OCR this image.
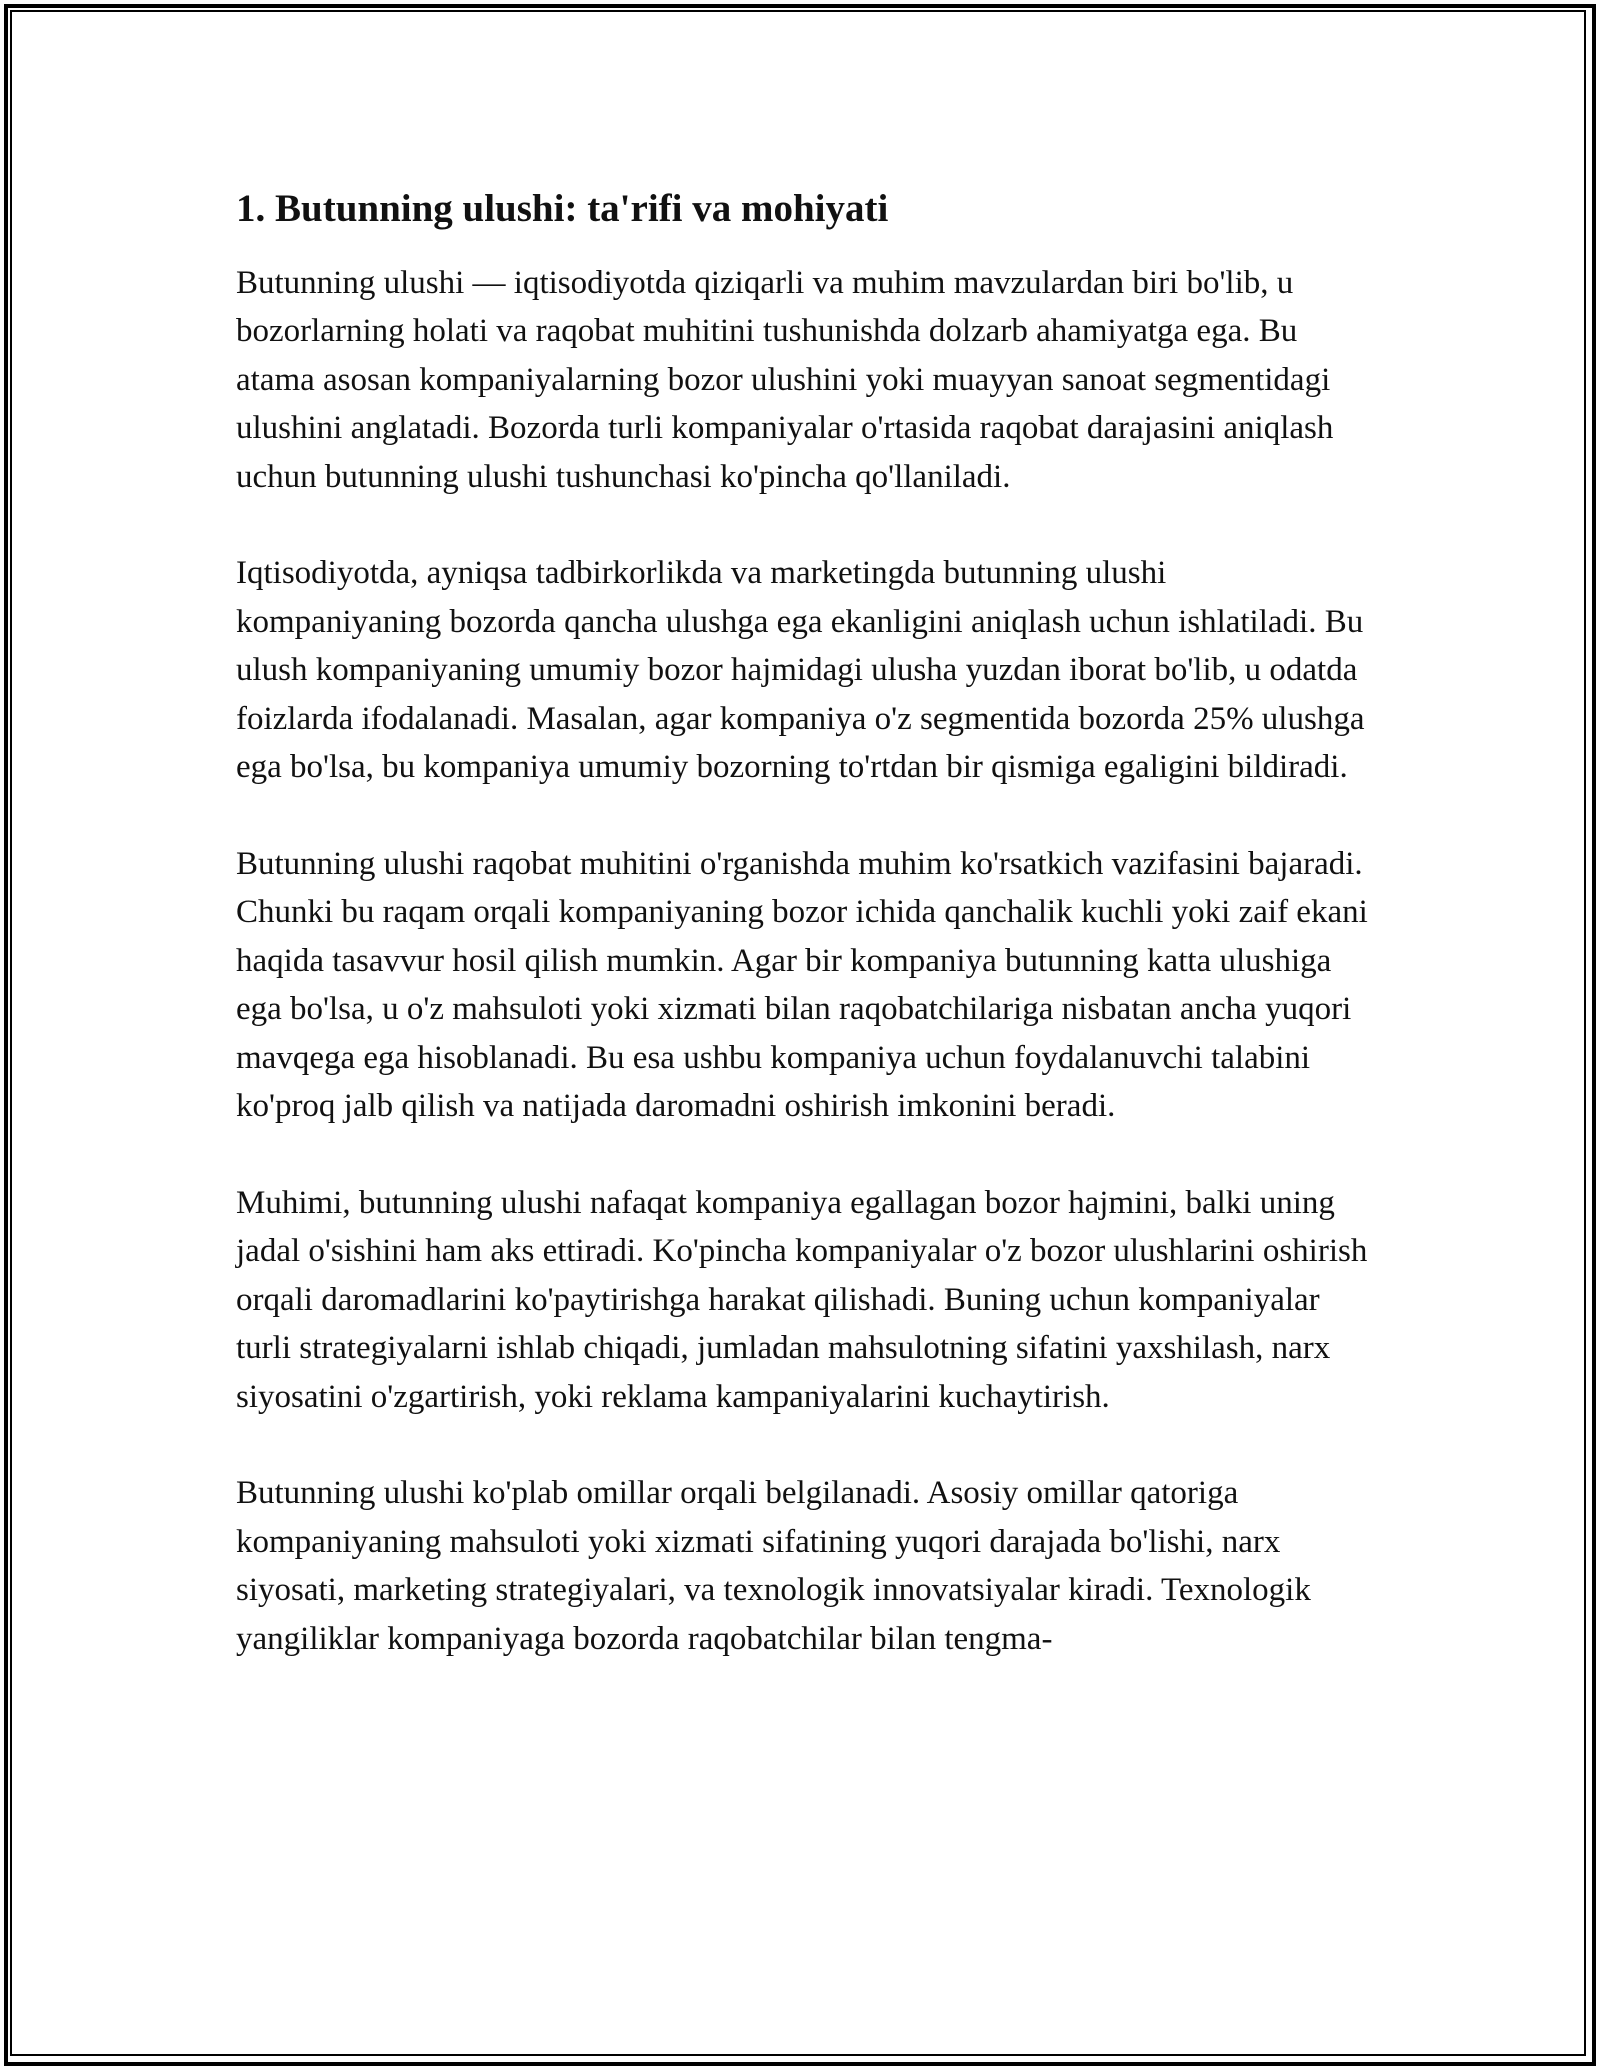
1. Butunning ulushi: ta'rifi va mohiyati

Butunning ulushi — iqtisodiyotda qiziqarli va muhim mavzulardan biri bo'lib, u bozorlarning holati va raqobat muhitini tushunishda dolzarb ahamiyatga ega. Bu atama asosan kompaniyalarning bozor ulushini yoki muayyan sanoat segmentidagi ulushini anglatadi. Bozorda turli kompaniyalar o'rtasida raqobat darajasini aniqlash uchun butunning ulushi tushunchasi ko'pincha qo'llaniladi.

Iqtisodiyotda, ayniqsa tadbirkorlikda va marketingda butunning ulushi kompaniyaning bozorda qancha ulushga ega ekanligini aniqlash uchun ishlatiladi. Bu ulush kompaniyaning umumiy bozor hajmidagi ulusha yuzdan iborat bo'lib, u odatda foizlarda ifodalanadi. Masalan, agar kompaniya o'z segmentida bozorda 25% ulushga ega bo'lsa, bu kompaniya umumiy bozorning to'rtdan bir qismiga egaligini bildiradi.

Butunning ulushi raqobat muhitini o'rganishda muhim ko'rsatkich vazifasini bajaradi. Chunki bu raqam orqali kompaniyaning bozor ichida qanchalik kuchli yoki zaif ekani haqida tasavvur hosil qilish mumkin. Agar bir kompaniya butunning katta ulushiga ega bo'lsa, u o'z mahsuloti yoki xizmati bilan raqobatchilariga nisbatan ancha yuqori mavqega ega hisoblanadi. Bu esa ushbu kompaniya uchun foydalanuvchi talabini ko'proq jalb qilish va natijada daromadni oshirish imkonini beradi.

Muhimi, butunning ulushi nafaqat kompaniya egallagan bozor hajmini, balki uning jadal o'sishini ham aks ettiradi. Ko'pincha kompaniyalar o'z bozor ulushlarini oshirish orqali daromadlarini ko'paytirishga harakat qilishadi. Buning uchun kompaniyalar turli strategiyalarni ishlab chiqadi, jumladan mahsulotning sifatini yaxshilash, narx siyosatini o'zgartirish, yoki reklama kampaniyalarini kuchaytirish.

Butunning ulushi ko'plab omillar orqali belgilanadi. Asosiy omillar qatoriga kompaniyaning mahsuloti yoki xizmati sifatining yuqori darajada bo'lishi, narx siyosati, marketing strategiyalari, va texnologik innovatsiyalar kiradi. Texnologik yangiliklar kompaniyaga bozorda raqobatchilar bilan tengma-
